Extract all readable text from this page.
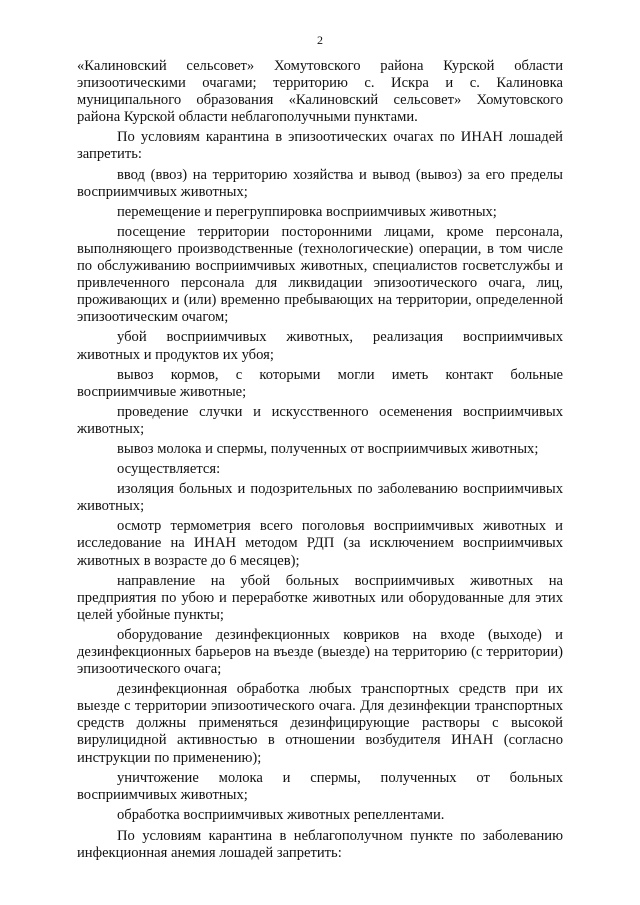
2

«Калиновский сельсовет» Хомутовского района Курской области эпизоотическими очагами; территорию с. Искра и с. Калиновка муниципального образования «Калиновский сельсовет» Хомутовского района Курской области неблагополучными пунктами.

По условиям карантина в эпизоотических очагах по ИНАН лошадей запретить:

ввод (ввоз) на территорию хозяйства и вывод (вывоз) за его пределы восприимчивых животных;

перемещение и перегруппировка восприимчивых животных;

посещение территории посторонними лицами, кроме персонала, выполняющего производственные (технологические) операции, в том числе по обслуживанию восприимчивых животных, специалистов госветслужбы и привлеченного персонала для ликвидации эпизоотического очага, лиц, проживающих и (или) временно пребывающих на территории, определенной эпизоотическим очагом;

убой восприимчивых животных, реализация восприимчивых животных и продуктов их убоя;

вывоз кормов, с которыми могли иметь контакт больные восприимчивые животные;

проведение случки и искусственного осеменения восприимчивых животных;

вывоз молока и спермы, полученных от восприимчивых животных;

осуществляется:

изоляция больных и подозрительных по заболеванию восприимчивых животных;

осмотр термометрия всего поголовья восприимчивых животных и исследование на ИНАН методом РДП (за исключением восприимчивых животных в возрасте до 6 месяцев);

направление на убой больных восприимчивых животных на предприятия по убою и переработке животных или оборудованные для этих целей убойные пункты;

оборудование дезинфекционных ковриков на входе (выходе) и дезинфекционных барьеров на въезде (выезде) на территорию (с территории) эпизоотического очага;

дезинфекционная обработка любых транспортных средств при их выезде с территории эпизоотического очага. Для дезинфекции транспортных средств должны применяться дезинфицирующие растворы с высокой вирулицидной активностью в отношении возбудителя ИНАН (согласно инструкции по применению);

уничтожение молока и спермы, полученных от больных восприимчивых животных;

обработка восприимчивых животных репеллентами.

По условиям карантина в неблагополучном пункте по заболеванию инфекционная анемия лошадей запретить:
